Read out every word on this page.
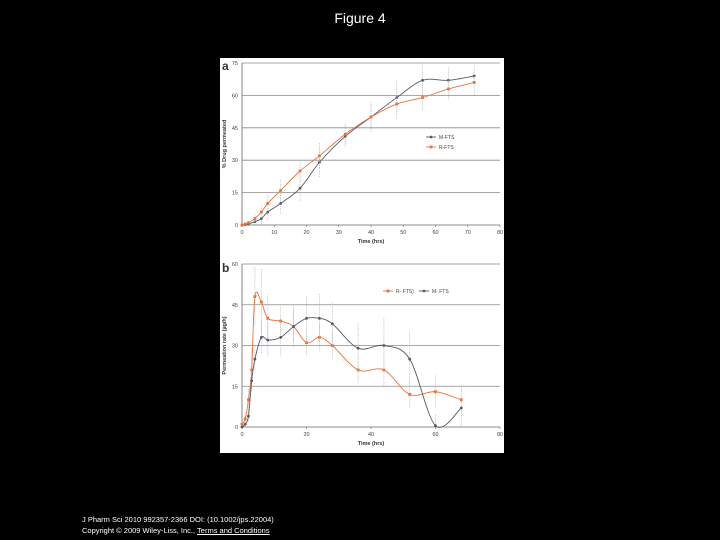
Figure 4
a
b
0
15
30
45
60
75
0	10	20	30	40	50	60	70	80
Time (hrs)
% Drug permeated	M-FTS
R-FTS
0
15
30
45
60
0	20	40	60	80
Time (hrs)
Permeation rate (µg/h)
R- FTS)	M- FTS
J Pharm Sci 2010 992357-2366 DOI: (10.1002/jps.22004)
Copyright © 2009 Wiley-Liss, Inc., Terms and Conditions
